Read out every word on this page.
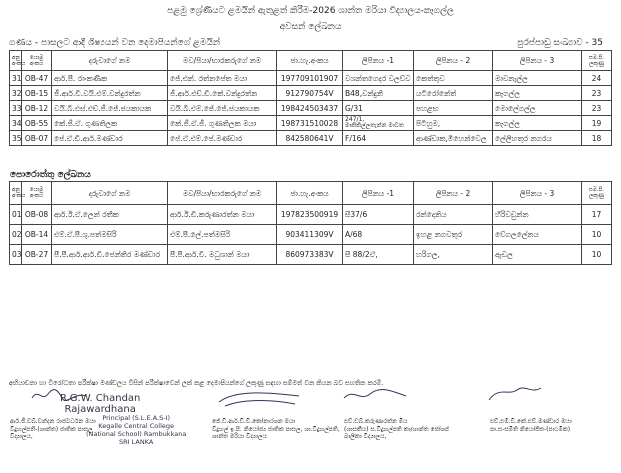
පළමු ශ්‍රේණියට ළමයින් ඇතුළත් කිරීම-2026 ශාන්ත මරියා විද්‍යාලය-කෑගල්ල
අවසන් ලේඛනය
ගණය - පාසලට ආදී ශිෂ්‍යයන් වන දෙමාපියන්ගේ ළමයින්	පුරප්පාඩු සංඛ්‍යාව - 35
අනු අංකය	යොමු අංකය	දරුවාගේ නම	මව/පියා/භාරකරුගේ නම	ජා.හැ.අංකය	ලිපිනය -1	ලිපිනය - 2	ලිපිනය - 3	සම.පි. ලකුණු
31	OB-47	ආර්.පී. රාංකණීක	ජේ.එන්. රත්නපේත මයා	197709101907	වශන්තගෙදර වලව්ව	කෙත්තුව	මාවනැල්ල	24
32	OB-15	ජී.ආර්.වී.වයි.එම්.වන්දුරත්න	ජී.ආර්.එච්.ඩී.කේ.වන්දුරත්න	912790754V	B48,වන්දුනි	යටිරෝනේත්	කෑගල්ල	23
33	OB-12	වයි.බී.එස්.එච්.ජී.ජේ.ජයකායක	වයි.බී.එම්.ජේ.ජේ.ජයකායක	198424503437	G/31	පහළභ	මොලේගල්ල	23
34	OB-55	කේ.ජී.ඒ. ගුණතිලක	කේ.ජී.ඒ.ජී. ගුණතිලක මයා	198731510028	247/1,
මාකිකිල්ලතැන්න මාවත	පිටිහුම,	කෑගල්ල	19
35	OB-07	පේ.ඒ.ඩී.ආර්.මණ්ඩාර	පේ.ඒ.එම්.පේ.මණ්ඩාර	842580641V	F/164	ආණ්ඩාක,මිහෙන්වෙල	ලේලිහතුර නගරය	18
පොරොත්තු ලේඛනය
අනු අංකය	යොමු අංකය	දරුවාගේ නම	මව/පියා/භාරකරුගේ නම	ජා.හැ.අංකය	ලිපිනය -1	ලිපිනය - 2	ලිපිනය - 3	සම.පි. ලකුණු
01	OB-08	ආර්.ඊ.ඒ.ලෙන් රතීක	ආර්.ඊ.ඩී.කරුණාරත්න මයා	197823500919	සී37/6	රන්දෙනිය	හිරිවඩුන්න	17
02	OB-14	එම්.ඒ.පී.ශු.පත්මසිරි	එම්.පී.ලේ.පත්මසිරි	903411309V	A/68	ඉහළ නගවතුර	වේගලලේනය	10
03	OB-27	පී.පී.ආර්.ආර්.ඩී.ජෙන්තිර මණ්ඩාර	පී.පී.ආර්.වී. මධුශාන් මයා	860973383V	සී 88/2ඒ,	හරිගල,	ඇඩල	10
අභියාචනා හා විරෝධතා පරීක්ෂා මණ්ඩලය විසින් පරීක්ෂාවෙන් ලක් කළ දෙමාපියන්ගේ ලකුණු සඳහා සම්මත් වන කියන බව සහතික කරමි.
R.G.W. Chandan
Rajawardhana
Principal (S.L.E.A.S-I)
Kegalle Central College
(National School) Rambukkana
SRI LANKA
ආර්.ජී.ඩබ්.චන්දන රාජවර්ධන මයා
විදුහල්පති-(ශාන්ත) ජාතික පාසල
විද්‍යාලය,
ජේ.ඩී.ආර්.ඩී.ඩී.කෝනාරශන මයා
විදුහල් ඉ.පි. නියෝජ්‍ය ජාතික පාසල, ශා.විදුහල්පති,
ශාන්ත මරියා විද්‍යාලය
එච්.ඩබ්.කරුණාරත්න මිය
(ශාසකීය) ස.විදුහල්පති කා/ශාන්ත ජෝශප්
බාලිකා විද්‍යාලය,
එච්.එම්.ඩී.කේ.එච්.මණ්ඩාර මයා
පා.ස-සමිති නියෝජිත-(පාථමික)
